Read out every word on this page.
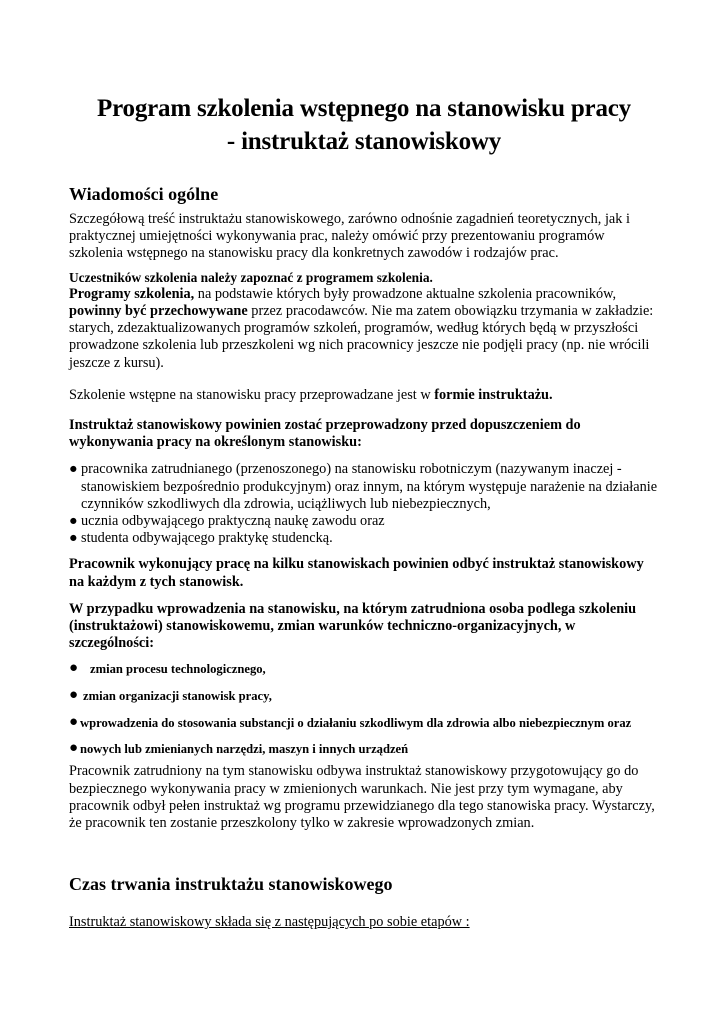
Program szkolenia wstępnego na stanowisku pracy
- instruktaż stanowiskowy
Wiadomości ogólne

Szczegółową treść instruktażu stanowiskowego, zarówno odnośnie zagadnień teoretycznych, jak i praktycznej umiejętności wykonywania prac, należy omówić przy prezentowaniu programów szkolenia wstępnego na stanowisku pracy dla konkretnych zawodów i rodzajów prac.

Uczestników szkolenia należy zapoznać z programem szkolenia.

Programy szkolenia, na podstawie których były prowadzone aktualne szkolenia pracowników, powinny być przechowywane przez pracodawców. Nie ma zatem obowiązku trzymania w zakładzie: starych, zdezaktualizowanych programów szkoleń, programów, według których będą w przyszłości prowadzone szkolenia lub przeszkoleni wg nich pracownicy jeszcze nie podjęli pracy (np. nie wrócili jeszcze z kursu).

Szkolenie wstępne na stanowisku pracy przeprowadzane jest w formie instruktażu.

Instruktaż stanowiskowy powinien zostać przeprowadzony przed dopuszczeniem do wykonywania pracy na określonym stanowisku:

● pracownika zatrudnianego (przenoszonego) na stanowisku robotniczym (nazywanym inaczej - stanowiskiem bezpośrednio produkcyjnym) oraz innym, na którym występuje narażenie na działanie czynników szkodliwych dla zdrowia, uciążliwych lub niebezpiecznych,
● ucznia odbywającego praktyczną naukę zawodu oraz
● studenta odbywającego praktykę studencką.

Pracownik wykonujący pracę na kilku stanowiskach powinien odbyć instruktaż stanowiskowy na każdym z tych stanowisk.

W przypadku wprowadzenia na stanowisku, na którym zatrudniona osoba podlega szkoleniu (instruktażowi) stanowiskowemu, zmian warunków techniczno-organizacyjnych, w szczególności:

● zmian procesu technologicznego,
● zmian organizacji stanowisk pracy,
● wprowadzenia do stosowania substancji o działaniu szkodliwym dla zdrowia albo niebezpiecznym oraz
● nowych lub zmienianych narzędzi, maszyn i innych urządzeń

Pracownik zatrudniony na tym stanowisku odbywa instruktaż stanowiskowy przygotowujący go do bezpiecznego wykonywania pracy w zmienionych warunkach. Nie jest przy tym wymagane, aby pracownik odbył pełen instruktaż wg programu przewidzianego dla tego stanowiska pracy. Wystarczy, że pracownik ten zostanie przeszkolony tylko w zakresie wprowadzonych zmian.

Czas trwania instruktażu stanowiskowego

Instruktaż stanowiskowy składa się z następujących po sobie etapów :
